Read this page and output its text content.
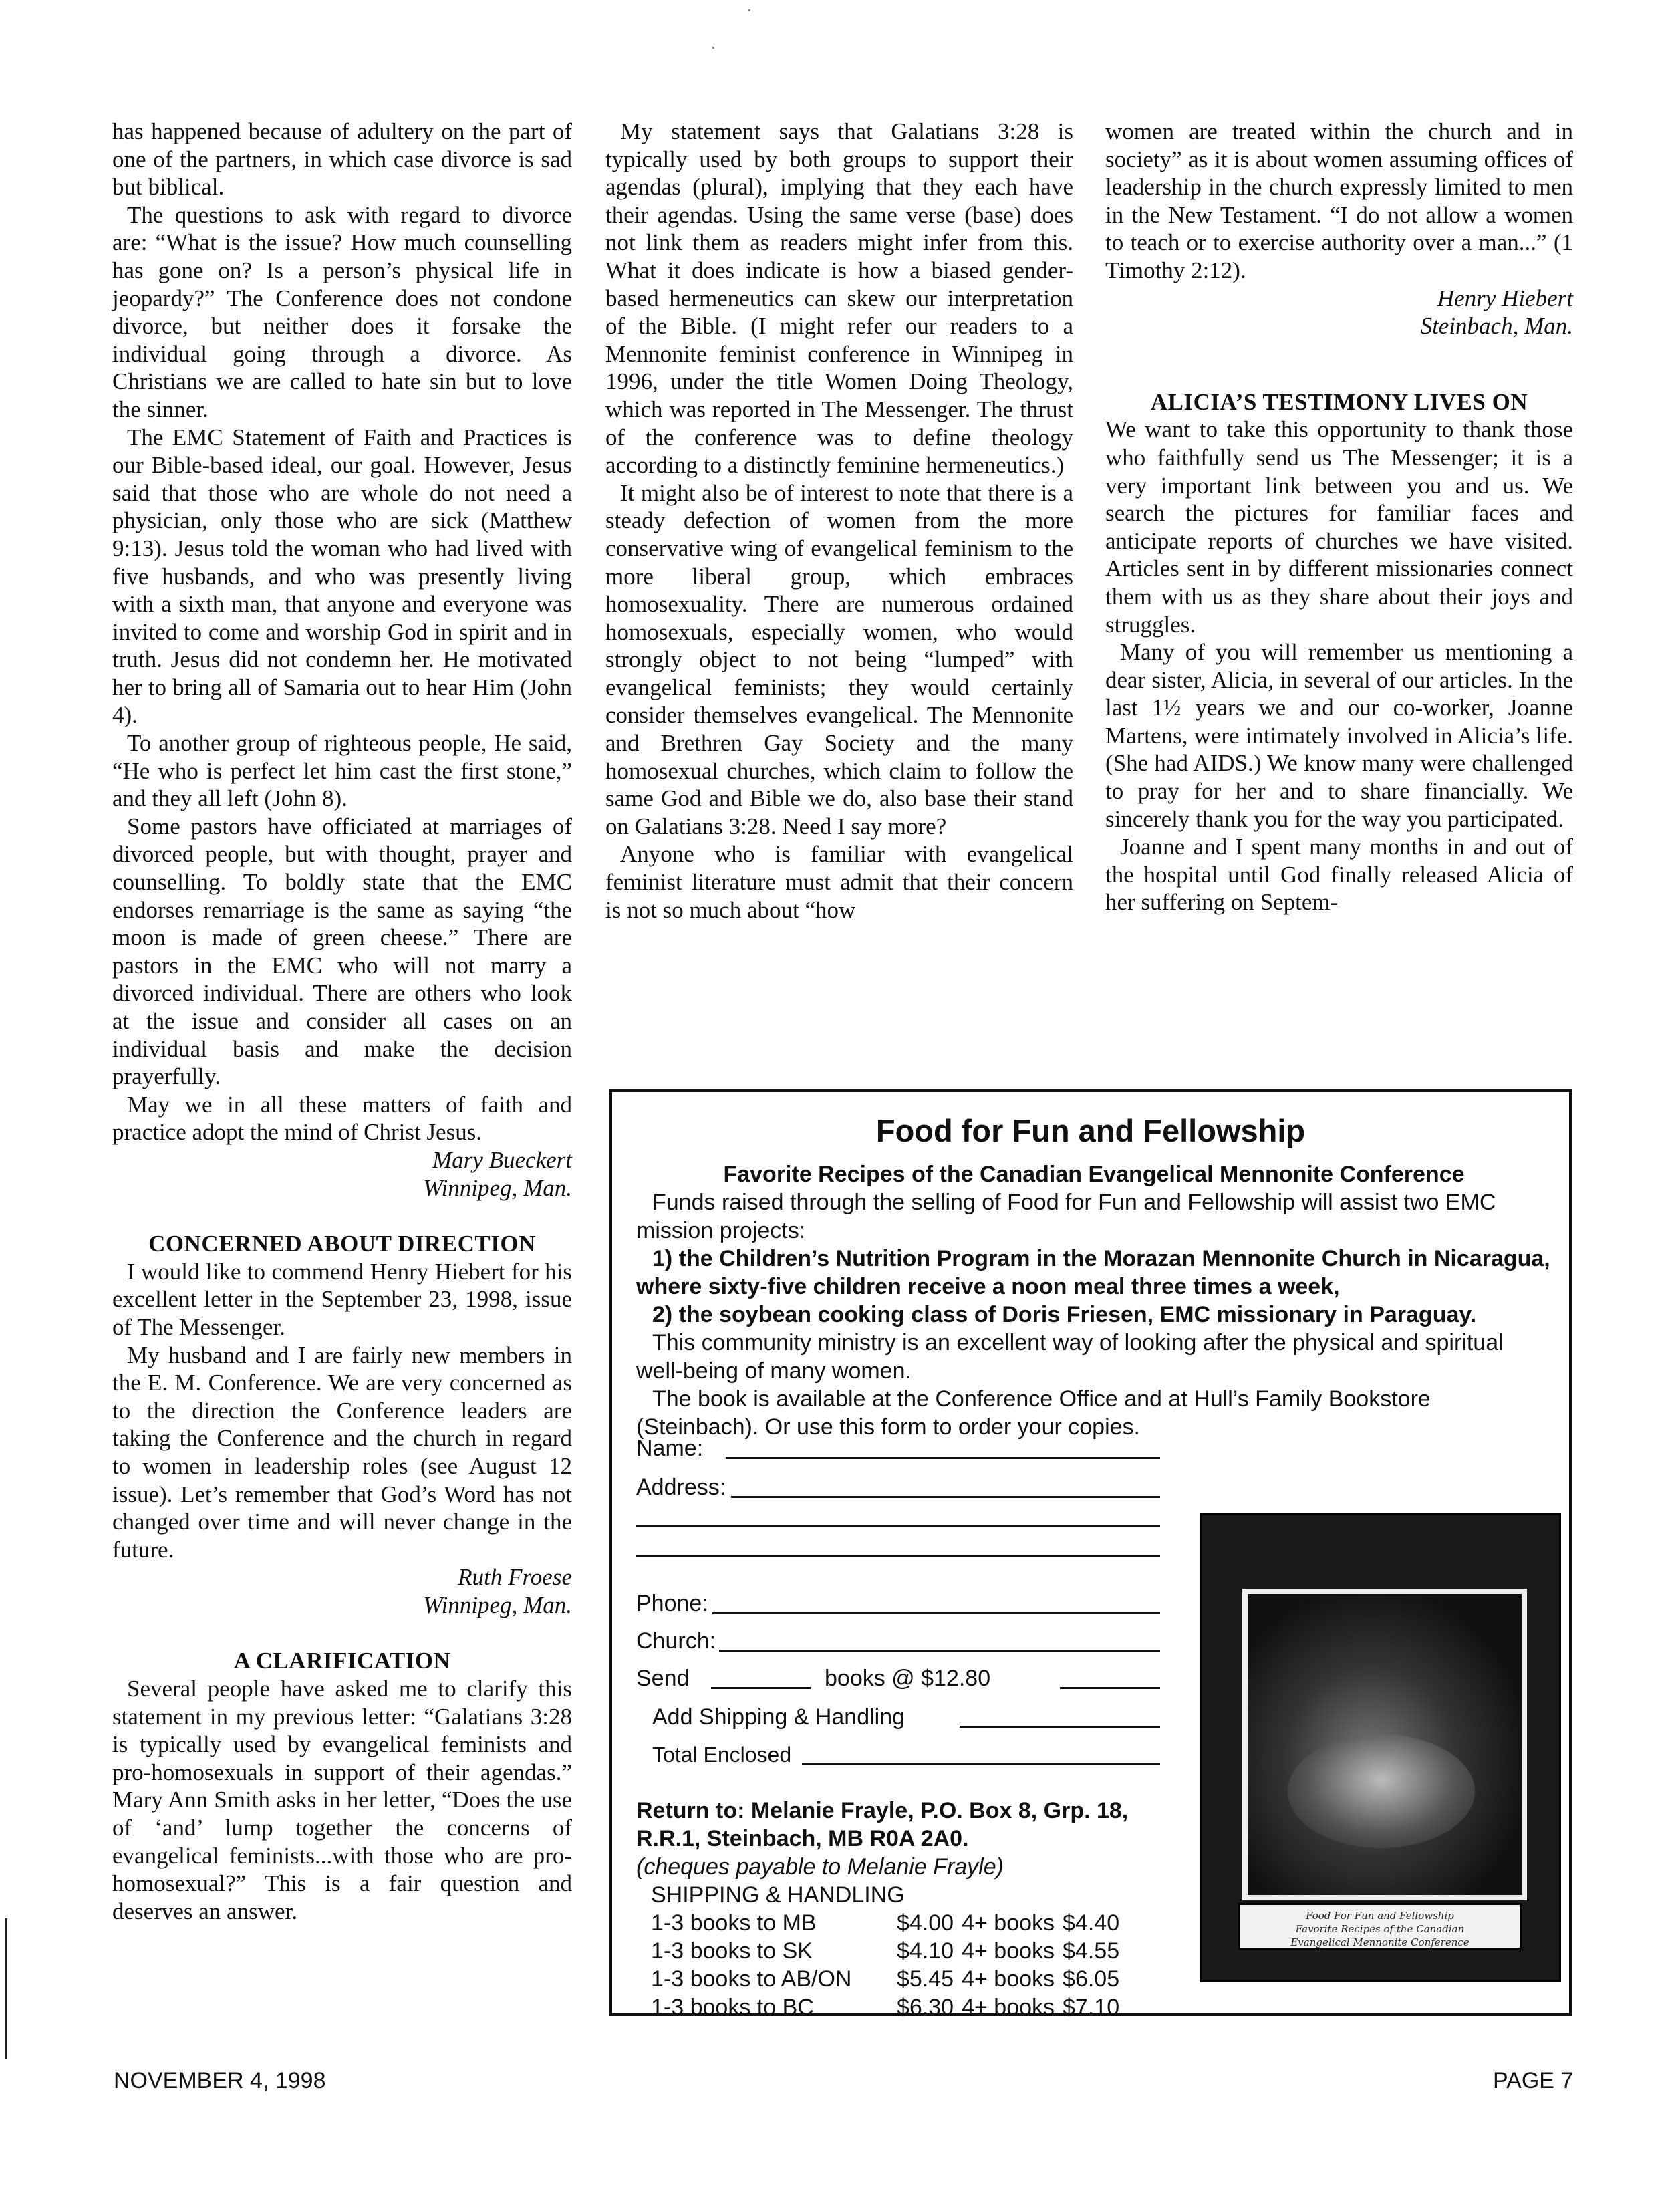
has happened because of adultery on the part of one of the partners, in which case divorce is sad but biblical.

The questions to ask with regard to divorce are: “What is the issue? How much counselling has gone on? Is a person’s physical life in jeopardy?” The Conference does not condone divorce, but neither does it forsake the individual going through a divorce. As Christians we are called to hate sin but to love the sinner.

The EMC Statement of Faith and Practices is our Bible-based ideal, our goal. However, Jesus said that those who are whole do not need a physician, only those who are sick (Matthew 9:13). Jesus told the woman who had lived with five husbands, and who was presently living with a sixth man, that anyone and everyone was invited to come and worship God in spirit and in truth. Jesus did not condemn her. He motivated her to bring all of Samaria out to hear Him (John 4).

To another group of righteous people, He said, “He who is perfect let him cast the first stone,” and they all left (John 8).

Some pastors have officiated at marriages of divorced people, but with thought, prayer and counselling. To boldly state that the EMC endorses remarriage is the same as saying “the moon is made of green cheese.” There are pastors in the EMC who will not marry a divorced individual. There are others who look at the issue and consider all cases on an individual basis and make the decision prayerfully.

May we in all these matters of faith and practice adopt the mind of Christ Jesus.

Mary Bueckert
Winnipeg, Man.
CONCERNED ABOUT DIRECTION

I would like to commend Henry Hiebert for his excellent letter in the September 23, 1998, issue of The Messenger.

My husband and I are fairly new members in the E. M. Conference. We are very concerned as to the direction the Conference leaders are taking the Conference and the church in regard to women in leadership roles (see August 12 issue). Let’s remember that God’s Word has not changed over time and will never change in the future.

Ruth Froese
Winnipeg, Man.
A CLARIFICATION

Several people have asked me to clarify this statement in my previous letter: “Galatians 3:28 is typically used by evangelical feminists and pro-homosexuals in support of their agendas.” Mary Ann Smith asks in her letter, “Does the use of ‘and’ lump together the concerns of evangelical feminists...with those who are pro-homosexual?” This is a fair question and deserves an answer.

My statement says that Galatians 3:28 is typically used by both groups to support their agendas (plural), implying that they each have their agendas. Using the same verse (base) does not link them as readers might infer from this. What it does indicate is how a biased gender-based hermeneutics can skew our interpretation of the Bible. (I might refer our readers to a Mennonite feminist conference in Winnipeg in 1996, under the title Women Doing Theology, which was reported in The Messenger. The thrust of the conference was to define theology according to a distinctly feminine hermeneutics.)

It might also be of interest to note that there is a steady defection of women from the more conservative wing of evangelical feminism to the more liberal group, which embraces homosexuality. There are numerous ordained homosexuals, especially women, who would strongly object to not being “lumped” with evangelical feminists; they would certainly consider themselves evangelical. The Mennonite and Brethren Gay Society and the many homosexual churches, which claim to follow the same God and Bible we do, also base their stand on Galatians 3:28. Need I say more?

Anyone who is familiar with evangelical feminist literature must admit that their concern is not so much about “how

women are treated within the church and in society” as it is about women assuming offices of leadership in the church expressly limited to men in the New Testament. “I do not allow a women to teach or to exercise authority over a man...” (1 Timothy 2:12).

Henry Hiebert
Steinbach, Man.
ALICIA’S TESTIMONY LIVES ON

We want to take this opportunity to thank those who faithfully send us The Messenger; it is a very important link between you and us. We search the pictures for familiar faces and anticipate reports of churches we have visited. Articles sent in by different missionaries connect them with us as they share about their joys and struggles.

Many of you will remember us mentioning a dear sister, Alicia, in several of our articles. In the last 1½ years we and our co-worker, Joanne Martens, were intimately involved in Alicia’s life. (She had AIDS.) We know many were challenged to pray for her and to share financially. We sincerely thank you for the way you participated.

Joanne and I spent many months in and out of the hospital until God finally released Alicia of her suffering on Septem-

Food for Fun and Fellowship

Favorite Recipes of the Canadian Evangelical Mennonite Conference

Funds raised through the selling of Food for Fun and Fellowship will assist two EMC mission projects:

1) the Children’s Nutrition Program in the Morazan Mennonite Church in Nicaragua, where sixty-five children receive a noon meal three times a week,

2) the soybean cooking class of Doris Friesen, EMC missionary in Paraguay.

This community ministry is an excellent way of looking after the physical and spiritual well-being of many women.

The book is available at the Conference Office and at Hull’s Family Bookstore (Steinbach). Or use this form to order your copies.

Name:
Address:
Phone:
Church:
Send	books @ $12.80
Add Shipping & Handling
Total Enclosed

Return to: Melanie Frayle, P.O. Box 8, Grp. 18,

R.R.1, Steinbach, MB R0A 2A0.

(cheques payable to Melanie Frayle)

SHIPPING & HANDLING
1-3 books to MB	$4.00	4+ books	$4.40
1-3 books to SK	$4.10	4+ books	$4.55
1-3 books to AB/ON	$5.45	4+ books	$6.05
1-3 books to BC	$6.30	4+ books	$7.10
Food For Fun and Fellowship
Favorite Recipes of the Canadian
Evangelical Mennonite Conference
NOVEMBER 4, 1998	PAGE 7
